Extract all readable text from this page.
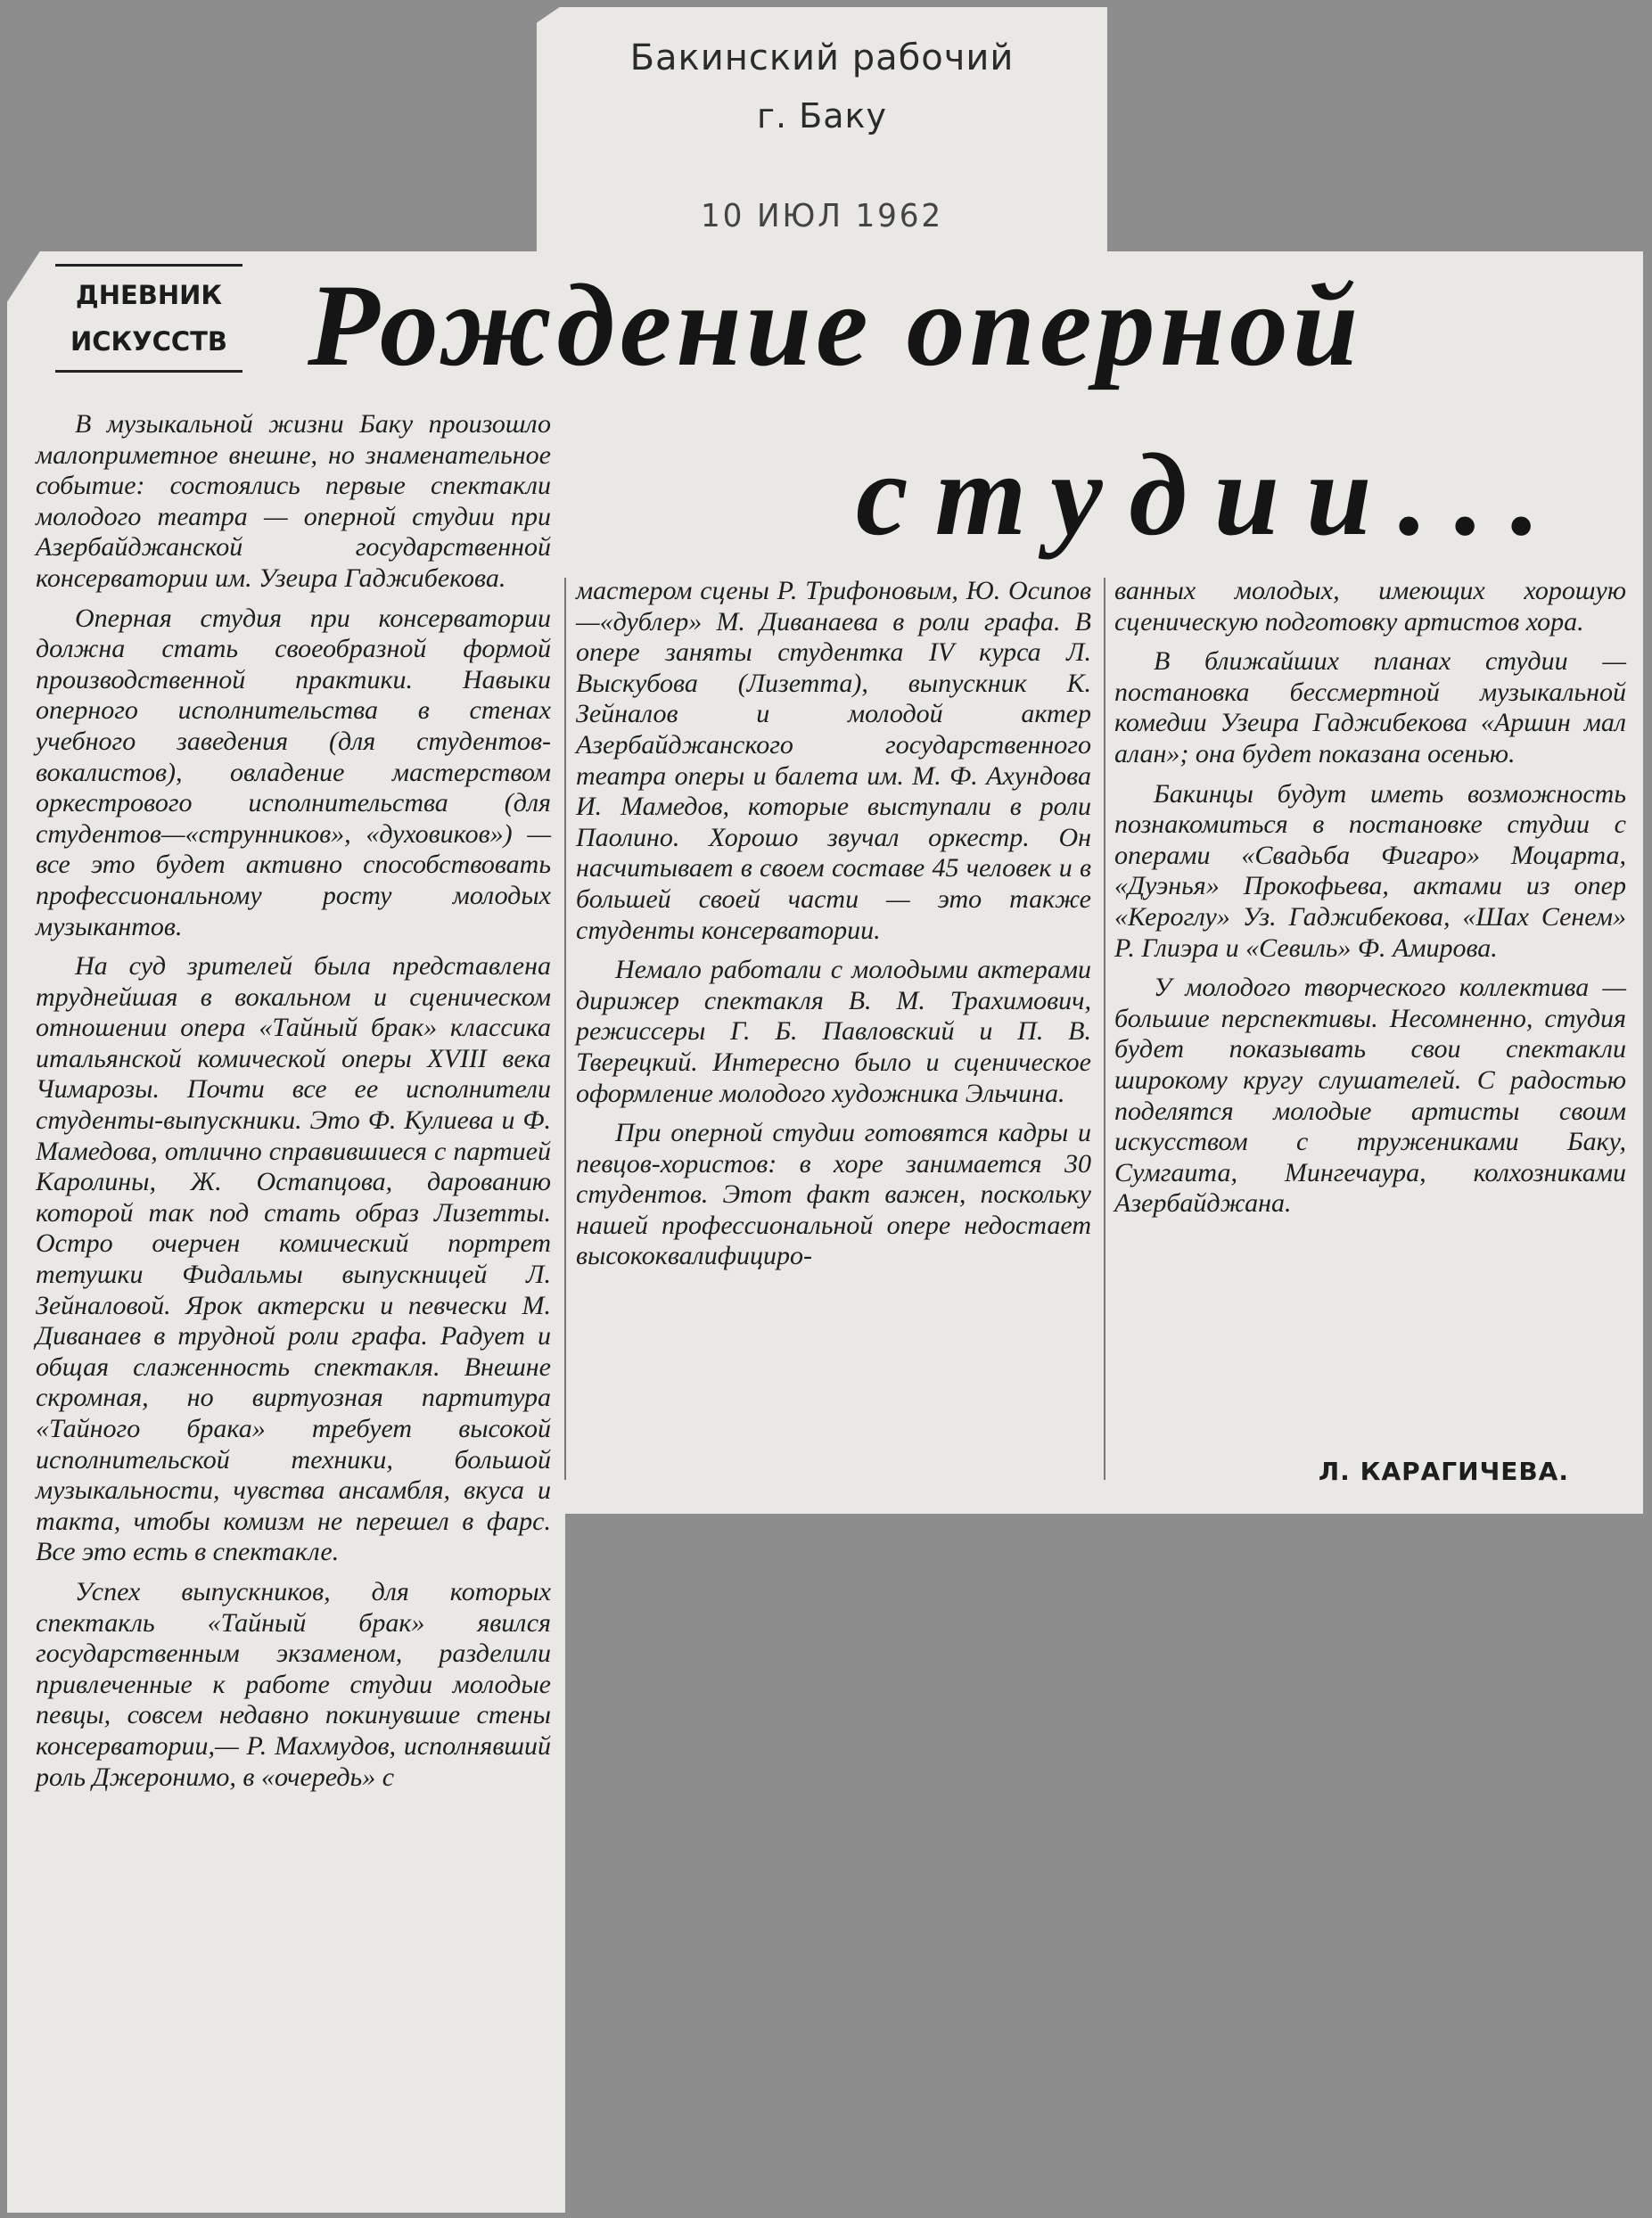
Бакинский рабочий

г. Баку

10 ИЮЛ 1962

ДНЕВНИК
ИСКУССТВ Рождение оперной
студии...

В музыкальной жизни Баку произошло малоприметное внешне, но знаменательное событие: состоялись первые спектакли молодого театра — оперной студии при Азербайджанской государственной консерватории им. Узеира Гаджибекова.

Оперная студия при консерватории должна стать своеобразной формой производственной практики. Навыки оперного исполнительства в стенах учебного заведения (для студентов-вокалистов), овладение мастерством оркестрового исполнительства (для студентов—«струнников», «духовиков») — все это будет активно способствовать профессиональному росту молодых музыкантов.

На суд зрителей была представлена труднейшая в вокальном и сценическом отношении опера «Тайный брак» классика итальянской комической оперы XVIII века Чимарозы. Почти все ее исполнители студенты-выпускники. Это Ф. Кулиева и Ф. Мамедова, отлично справившиеся с партией Каролины, Ж. Остапцова, дарованию которой так под стать образ Лизетты. Остро очерчен комический портрет тетушки Фидальмы выпускницей Л. Зейналовой. Ярок актерски и певчески М. Диванаев в трудной роли графа. Радует и общая слаженность спектакля. Внешне скромная, но виртуозная партитура «Тайного брака» требует высокой исполнительской техники, большой музыкальности, чувства ансамбля, вкуса и такта, чтобы комизм не перешел в фарс. Все это есть в спектакле.

Успех выпускников, для которых спектакль «Тайный брак» явился государственным экзаменом, разделили привлеченные к работе студии молодые певцы, совсем недавно покинувшие стены консерватории,— Р. Махмудов, исполнявший роль Джеронимо, в «очередь» с

мастером сцены Р. Трифоновым, Ю. Осипов—«дублер» М. Диванаева в роли графа. В опере заняты студентка IV курса Л. Выскубова (Лизетта), выпускник К. Зейналов и молодой актер Азербайджанского государственного театра оперы и балета им. М. Ф. Ахундова И. Мамедов, которые выступали в роли Паолино. Хорошо звучал оркестр. Он насчитывает в своем составе 45 человек и в большей своей части — это также студенты консерватории.

Немало работали с молодыми актерами дирижер спектакля В. М. Трахимович, режиссеры Г. Б. Павловский и П. В. Тверецкий. Интересно было и сценическое оформление молодого художника Эльчина.

При оперной студии готовятся кадры и певцов-хористов: в хоре занимается 30 студентов. Этот факт важен, поскольку нашей профессиональной опере недостает высококвалифициро-

ванных молодых, имеющих хорошую сценическую подготовку артистов хора.

В ближайших планах студии — постановка бессмертной музыкальной комедии Узеира Гаджибекова «Аршин мал алан»; она будет показана осенью.

Бакинцы будут иметь возможность познакомиться в постановке студии с операми «Свадьба Фигаро» Моцарта, «Дуэнья» Прокофьева, актами из опер «Кероглу» Уз. Гаджибекова, «Шах Сенем» Р. Глиэра и «Севиль» Ф. Амирова.

У молодого творческого коллектива — большие перспективы. Несомненно, студия будет показывать свои спектакли широкому кругу слушателей. С радостью поделятся молодые артисты своим искусством с тружениками Баку, Сумгаита, Мингечаура, колхозниками Азербайджана.

Л. КАРАГИЧЕВА.
